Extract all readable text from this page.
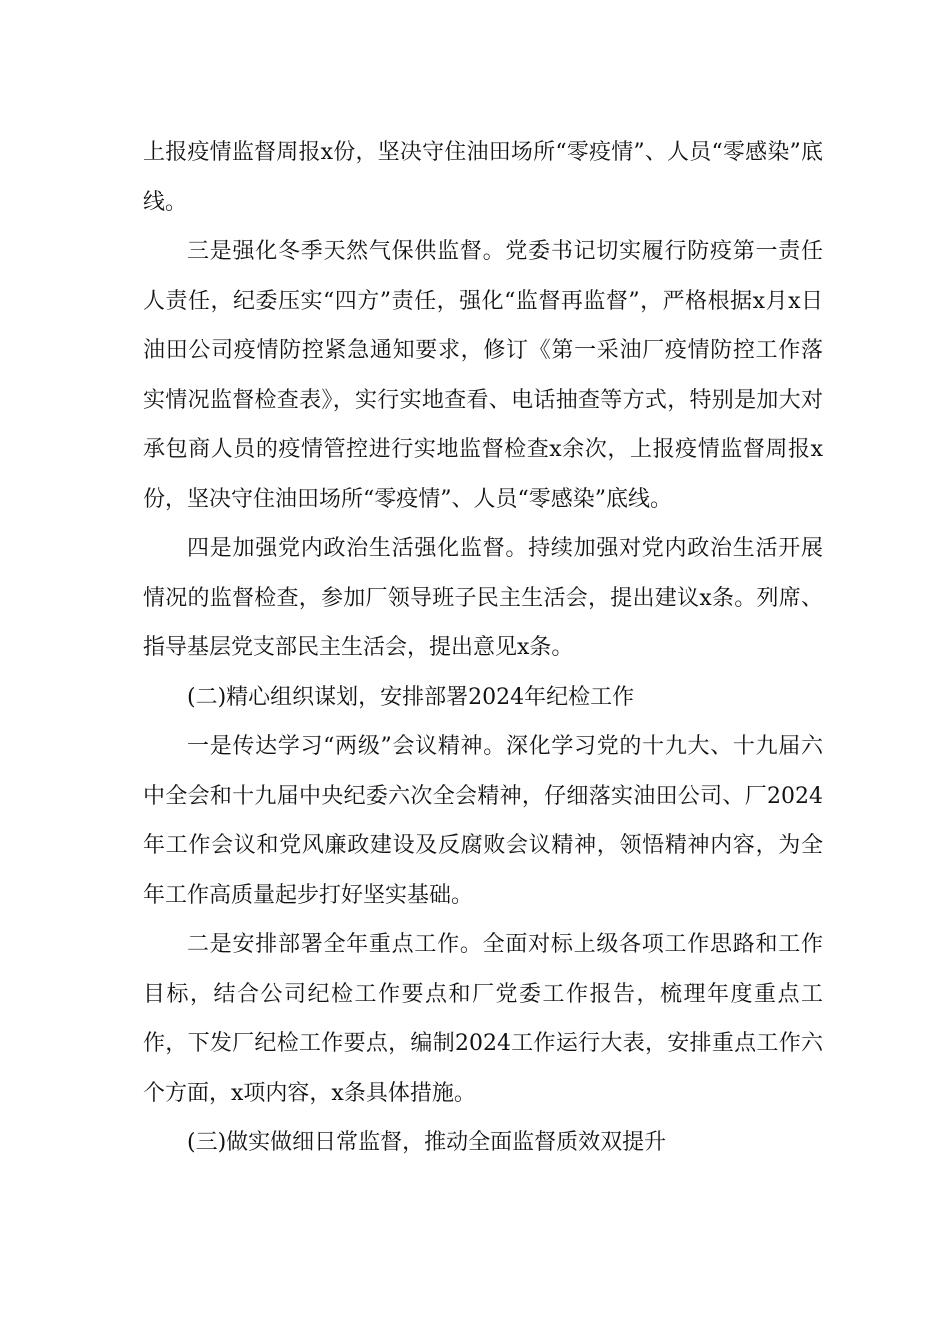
上报疫情监督周报x份，坚决守住油田场所“零疫情”、人员“零感染”底线。

三是强化冬季天然气保供监督。党委书记切实履行防疫第一责任人责任，纪委压实“四方”责任，强化“监督再监督”，严格根据x月x日油田公司疫情防控紧急通知要求，修订《第一采油厂疫情防控工作落实情况监督检查表》，实行实地查看、电话抽查等方式，特别是加大对承包商人员的疫情管控进行实地监督检查x余次，上报疫情监督周报x份，坚决守住油田场所“零疫情”、人员“零感染”底线。

四是加强党内政治生活强化监督。持续加强对党内政治生活开展情况的监督检查，参加厂领导班子民主生活会，提出建议x条。列席、指导基层党支部民主生活会，提出意见x条。

(二)精心组织谋划，安排部署2024年纪检工作

一是传达学习“两级”会议精神。深化学习党的十九大、十九届六中全会和十九届中央纪委六次全会精神，仔细落实油田公司、厂2024年工作会议和党风廉政建设及反腐败会议精神，领悟精神内容，为全年工作高质量起步打好坚实基础。

二是安排部署全年重点工作。全面对标上级各项工作思路和工作目标，结合公司纪检工作要点和厂党委工作报告，梳理年度重点工作，下发厂纪检工作要点，编制2024工作运行大表，安排重点工作六个方面，x项内容，x条具体措施。

(三)做实做细日常监督，推动全面监督质效双提升
